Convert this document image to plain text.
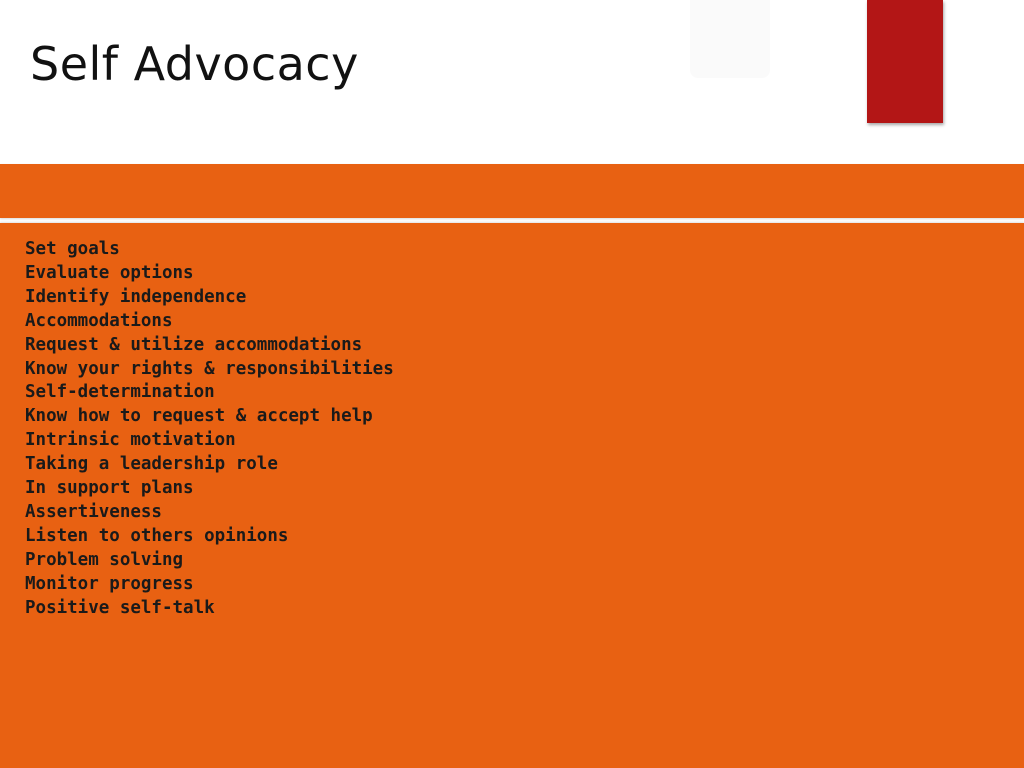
Self Advocacy
Set goals
Evaluate options
Identify independence
Accommodations
Request & utilize accommodations
Know your rights & responsibilities
Self-determination
Know how to request & accept help
Intrinsic motivation
Taking a leadership role
In support plans
Assertiveness
Listen to others opinions
Problem solving
Monitor progress
Positive self-talk
